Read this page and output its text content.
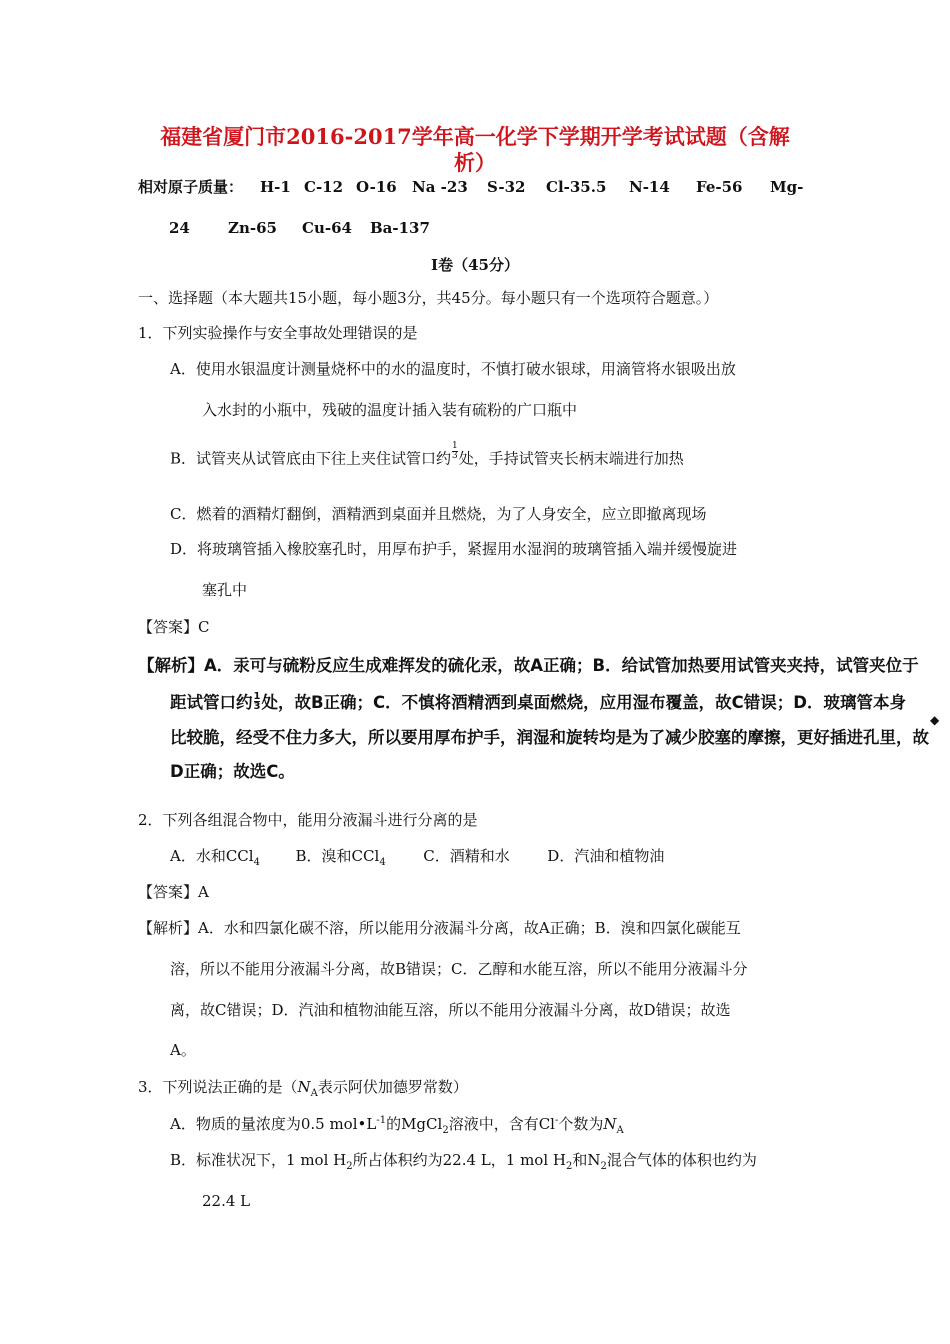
福建省厦门市2016-2017学年高一化学下学期开学考试试题（含解
析）
相对原子质量： H-1 C-12 O-16 Na -23 S-32 Cl-35.5 N-14 Fe-56 Mg-
24	Zn-65 Cu-64 Ba-137
I卷（45分）
一、选择题（本大题共15小题，每小题3分，共45分。每小题只有一个选项符合题意。）
1．下列实验操作与安全事故处理错误的是
A．使用水银温度计测量烧杯中的水的温度时，不慎打破水银球，用滴管将水银吸出放
入水封的小瓶中，残破的温度计插入装有硫粉的广口瓶中
B．试管夹从试管底由下往上夹住试管口约 $\frac{1}{3}$ 处，手持试管夹长柄末端进行加热
C．燃着的酒精灯翻倒，酒精洒到桌面并且燃烧，为了人身安全，应立即撤离现场
D．将玻璃管插入橡胶塞孔时，用厚布护手，紧握用水湿润的玻璃管插入端并缓慢旋进
塞孔中
【答案】C
【解析】A．汞可与硫粉反应生成难挥发的硫化汞，故A正确；B．给试管加热要用试管夹夹持，试管夹位于
距试管口约 $\frac{1}{3}$ 处，故B正确；C．不慎将酒精洒到桌面燃烧，应用湿布覆盖，故C错误；D．玻璃管本身
比较脆，经受不住力多大，所以要用厚布护手，润湿和旋转均是为了减少胶塞的摩擦，更好插进孔里，故
D正确；故选C。
◆
2．下列各组混合物中，能用分液漏斗进行分离的是
A．水和CCl$_4$ B．溴和CCl$_4$	C．酒精和水	D．汽油和植物油
【答案】A
【解析】A．水和四氯化碳不溶，所以能用分液漏斗分离，故A正确；B．溴和四氯化碳能互
溶，所以不能用分液漏斗分离，故B错误；C．乙醇和水能互溶，所以不能用分液漏斗分
离，故C错误；D．汽油和植物油能互溶，所以不能用分液漏斗分离，故D错误；故选
A。
3．下列说法正确的是（$N_A$表示阿伏加德罗常数）
A．物质的量浓度为0.5 $mol•L^{-1}$的MgCl$_2$溶液中，含有Cl-个数为$N_A$
B．标准状况下，1 mol $H_2$所占体积约为22.4 L，1 mol $H_2$和$N_2$混合气体的体积也约为
22.4 L
